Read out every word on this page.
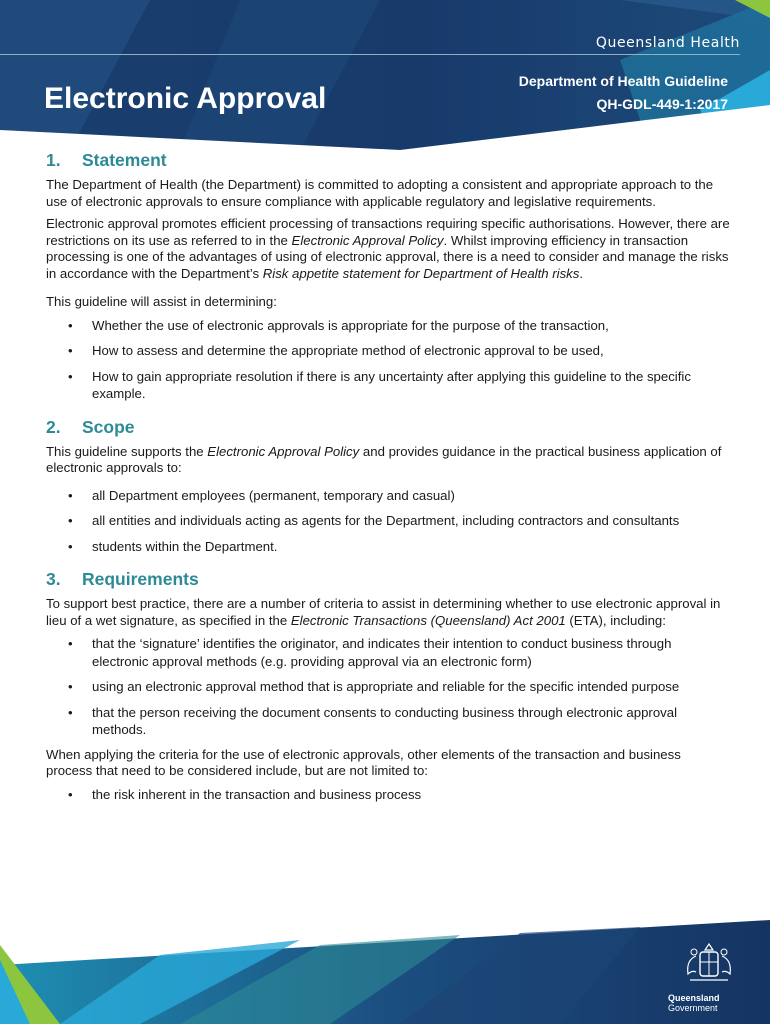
Queensland Health
Electronic Approval
Department of Health Guideline
QH-GDL-449-1:2017
1. Statement

The Department of Health (the Department) is committed to adopting a consistent and appropriate approach to the use of electronic approvals to ensure compliance with applicable regulatory and legislative requirements.

Electronic approval promotes efficient processing of transactions requiring specific authorisations. However, there are restrictions on its use as referred to in the Electronic Approval Policy. Whilst improving efficiency in transaction processing is one of the advantages of using of electronic approval, there is a need to consider and manage the risks in accordance with the Department’s Risk appetite statement for Department of Health risks.

This guideline will assist in determining:

• Whether the use of electronic approvals is appropriate for the purpose of the transaction,
• How to assess and determine the appropriate method of electronic approval to be used,
• How to gain appropriate resolution if there is any uncertainty after applying this guideline to the specific example.
2. Scope

This guideline supports the Electronic Approval Policy and provides guidance in the practical business application of electronic approvals to:

• all Department employees (permanent, temporary and casual)
• all entities and individuals acting as agents for the Department, including contractors and consultants
• students within the Department.
3. Requirements

To support best practice, there are a number of criteria to assist in determining whether to use electronic approval in lieu of a wet signature, as specified in the Electronic Transactions (Queensland) Act 2001 (ETA), including:

• that the ‘signature’ identifies the originator, and indicates their intention to conduct business through electronic approval methods (e.g. providing approval via an electronic form)
• using an electronic approval method that is appropriate and reliable for the specific intended purpose
• that the person receiving the document consents to conducting business through electronic approval methods.

When applying the criteria for the use of electronic approvals, other elements of the transaction and business process that need to be considered include, but are not limited to:

• the risk inherent in the transaction and business process
Queensland
Government
